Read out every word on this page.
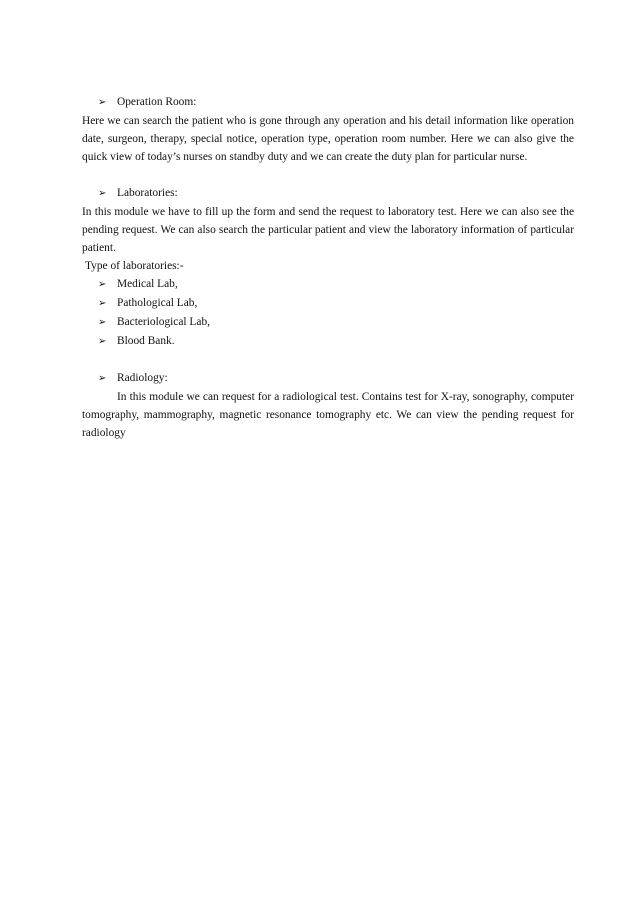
➢ Operation Room:
Here we can search the patient who is gone through any operation and his detail information like operation date, surgeon, therapy, special notice, operation type, operation room number. Here we can also give the quick view of today’s nurses on standby duty and we can create the duty plan for particular nurse.
➢ Laboratories:
In this module we have to fill up the form and send the request to laboratory test. Here we can also see the pending request. We can also search the particular patient and view the laboratory information of particular patient.
Type of laboratories:-
➢ Medical Lab,
➢ Pathological Lab,
➢ Bacteriological Lab,
➢ Blood Bank.
➢ Radiology:
In this module we can request for a radiological test. Contains test for X-ray, sonography, computer tomography, mammography, magnetic resonance tomography etc. We can view the pending request for radiology
